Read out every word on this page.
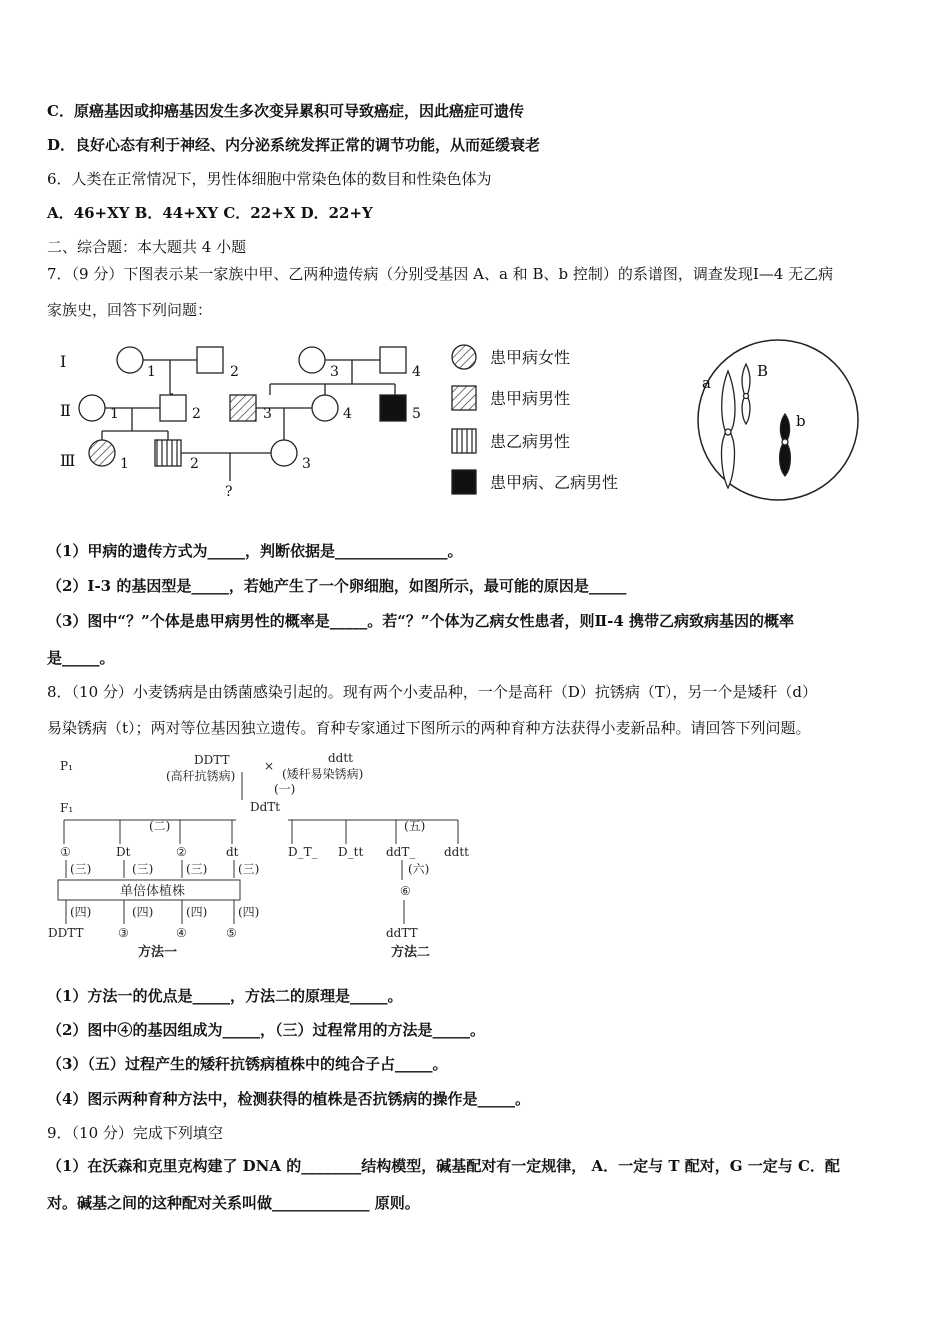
C．原癌基因或抑癌基因发生多次变异累积可导致癌症，因此癌症可遗传
D．良好心态有利于神经、内分泌系统发挥正常的调节功能，从而延缓衰老
6．人类在正常情况下，男性体细胞中常染色体的数目和性染色体为
A．46+XY B．44+XY C．22+X D．22+Y
二、综合题：本大题共 4 小题
7．（9 分）下图表示某一家族中甲、乙两种遗传病（分别受基因 A、a 和 B、b 控制）的系谱图，调查发现Ⅰ—4 无乙病
家族史，回答下列问题：
Ⅰ
Ⅱ
Ⅲ
1	2	3	4
1	2	3	4	5
1	2	3
?
患甲病女性
患甲病男性
患乙病男性
患甲病、乙病男性
a
B
b
（1）甲病的遗传方式为_____，判断依据是_______________。
（2）Ⅰ-3 的基因型是_____，若她产生了一个卵细胞，如图所示，最可能的原因是_____
（3）图中“？”个体是患甲病男性的概率是_____。若“？”个体为乙病女性患者，则Ⅱ-4 携带乙病致病基因的概率
是_____。
8．（10 分）小麦锈病是由锈菌感染引起的。现有两个小麦品种，一个是高秆（D）抗锈病（T），另一个是矮秆（d）
易染锈病（t）；两对等位基因独立遗传。育种专家通过下图所示的两种育种方法获得小麦新品种。请回答下列问题。
P₁	DDTT
(高秆抗锈病)
×
ddtt
(矮秆易染锈病)
(一)
F₁	DdTt
(二)	(五)
①	Dt	②	dt	D_T_ D_tt ddT_ ddtt
(三)	(三)	(三)	(三)	(六)
单倍体植株	⑥
(四)	(四)	(四)	(四)
DDTT	③	④	⑤	ddTT
方法一	方法二
（1）方法一的优点是_____，方法二的原理是_____。
（2）图中④的基因组成为_____，（三）过程常用的方法是_____。
（3）（五）过程产生的矮秆抗锈病植株中的纯合子占_____。
（4）图示两种育种方法中，检测获得的植株是否抗锈病的操作是_____。
9．（10 分）完成下列填空
（1）在沃森和克里克构建了 DNA 的________结构模型，碱基配对有一定规律， A．一定与 T 配对，G 一定与 C．配
对。碱基之间的这种配对关系叫做_____________ 原则。
